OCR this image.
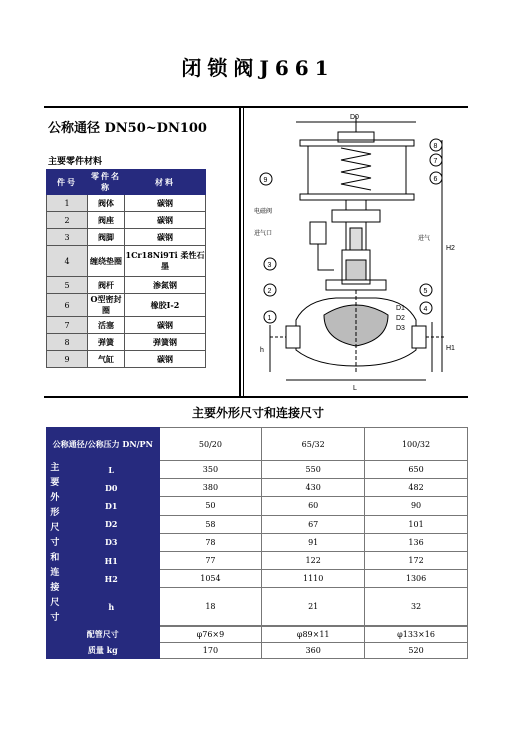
闭锁阀J661
公称通径 DN50~DN100
主要零件材料
件号	零件名称	材料
1	阀体	碳钢
2	阀座	碳钢
3	阀脚	碳钢
4	缠绕垫圈	1Cr18Ni9Ti 柔性石墨
5	阀杆	渗氮钢
6	O型密封圈	橡胶Ⅰ-2
7	活塞	碳钢
8	弹簧	弹簧钢
9	气缸	碳钢
9
8
7
6
3
2
1
5
4
电磁阀
进气口
D0
D1
D2
D3
H1
H2
h
L
进气
主要外形尺寸和连接尺寸
公称通径/公称压力 DN/PN		50/20	65/32	100/32
主要外形尺寸和连接尺寸	L	350	550	650
	D0	380	430	482
	D1	50	60	90
	D2	58	67	101
	D3	78	91	136
	H1	77	122	172
	H2	1054	1110	1306
	h	18	21	32

配管尺寸		φ76×9	φ89×11	φ133×16
质量 kg		170	360	520
